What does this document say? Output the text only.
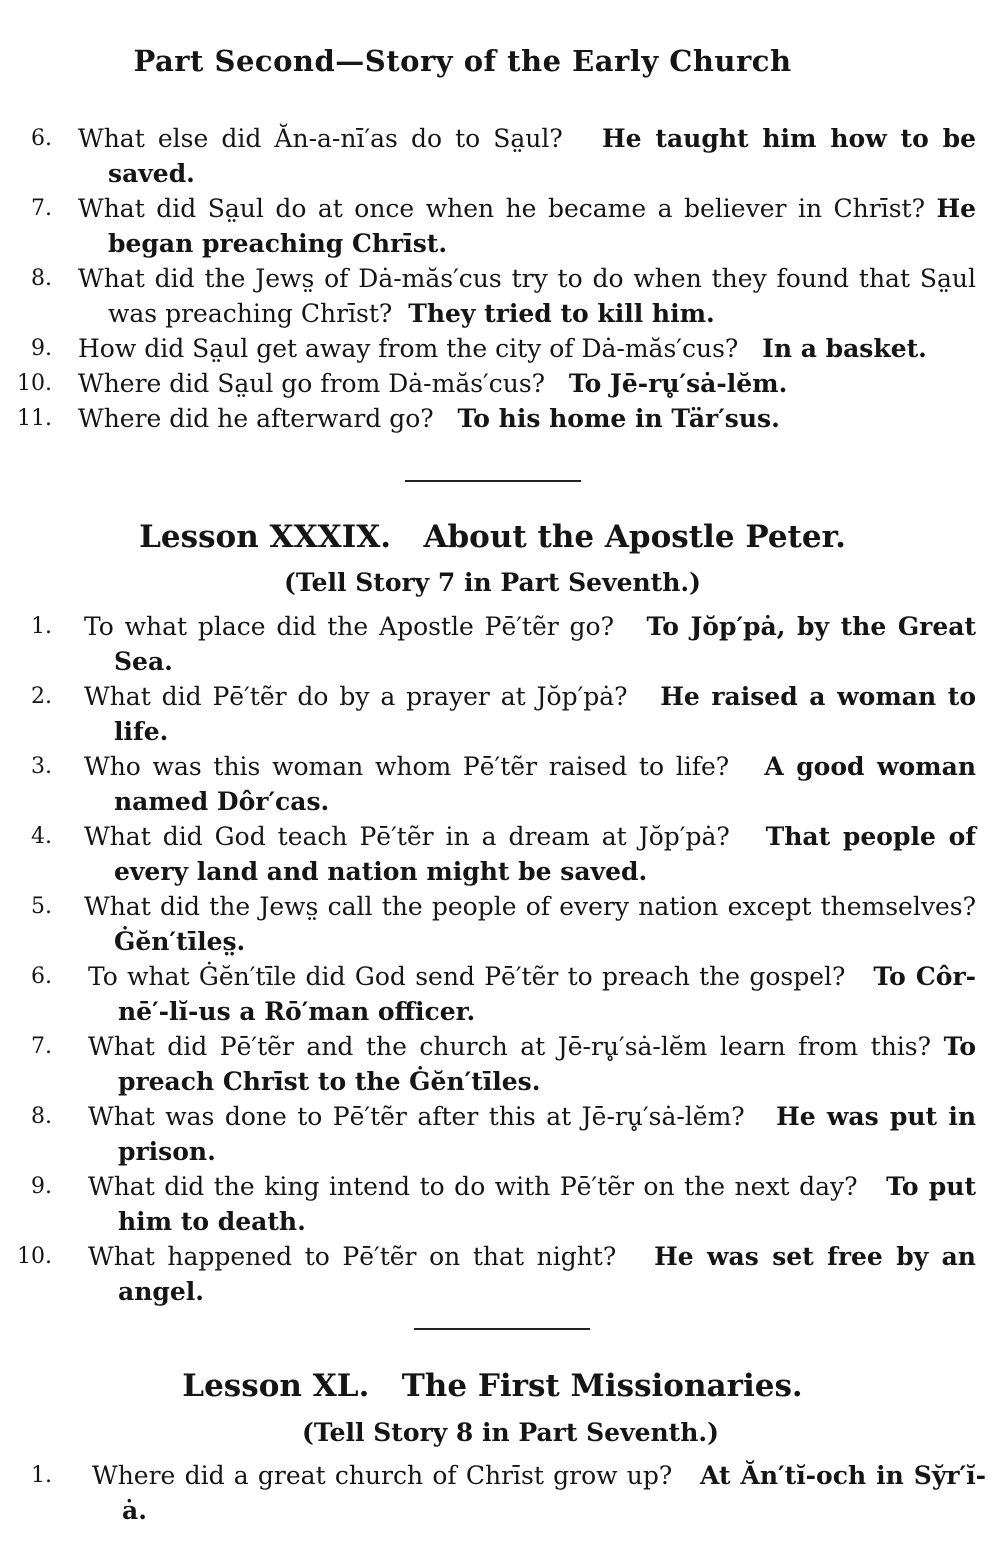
Part Second—Story of the Early Church
6. What else did Ăn-a-nī′as do to Sa̤ul? He taught him how to be saved.
7. What did Sa̤ul do at once when he became a believer in Chrīst? He began preaching Chrīst.
8. What did the Jews̤ of Dȧ-măs′cus try to do when they found that Sa̤ul was preaching Chrīst? They tried to kill him.
9. How did Sa̤ul get away from the city of Dȧ-măs′cus? In a basket.
10. Where did Sa̤ul go from Dȧ-măs′cus? To Jē-ru̥′sȧ-lĕm.
11. Where did he afterward go? To his home in Tär′sus.
Lesson XXXIX.   About the Apostle Peter.
(Tell Story 7 in Part Seventh.)
1. To what place did the Apostle Pē′tẽr go? To Jŏp′pȧ, by the Great Sea.
2. What did Pē′tẽr do by a prayer at Jŏp′pȧ? He raised a woman to life.
3. Who was this woman whom Pē′tẽr raised to life? A good woman named Dôr′cas.
4. What did God teach Pē′tẽr in a dream at Jŏp′pȧ? That people of every land and nation might be saved.
5. What did the Jews̤ call the people of every nation except themselves? Ġĕn′tīles̤.
6. To what Ġĕn′tīle did God send Pē′tẽr to preach the gospel? To Côr-nē′-lĭ-us a Rō′man officer.
7. What did Pē′tẽr and the church at Jē-ru̥′sȧ-lĕm learn from this? To preach Chrīst to the Ġĕn′tīles.
8. What was done to Pē′tẽr after this at Jē-ru̥′sȧ-lĕm? He was put in prison.
9. What did the king intend to do with Pē′tẽr on the next day? To put him to death.
10. What happened to Pē′tẽr on that night? He was set free by an angel.
Lesson XL.   The First Missionaries.
(Tell Story 8 in Part Seventh.)
1. Where did a great church of Chrīst grow up? At Ăn′tĭ-och in Sy̆r′ĭ-ȧ.
